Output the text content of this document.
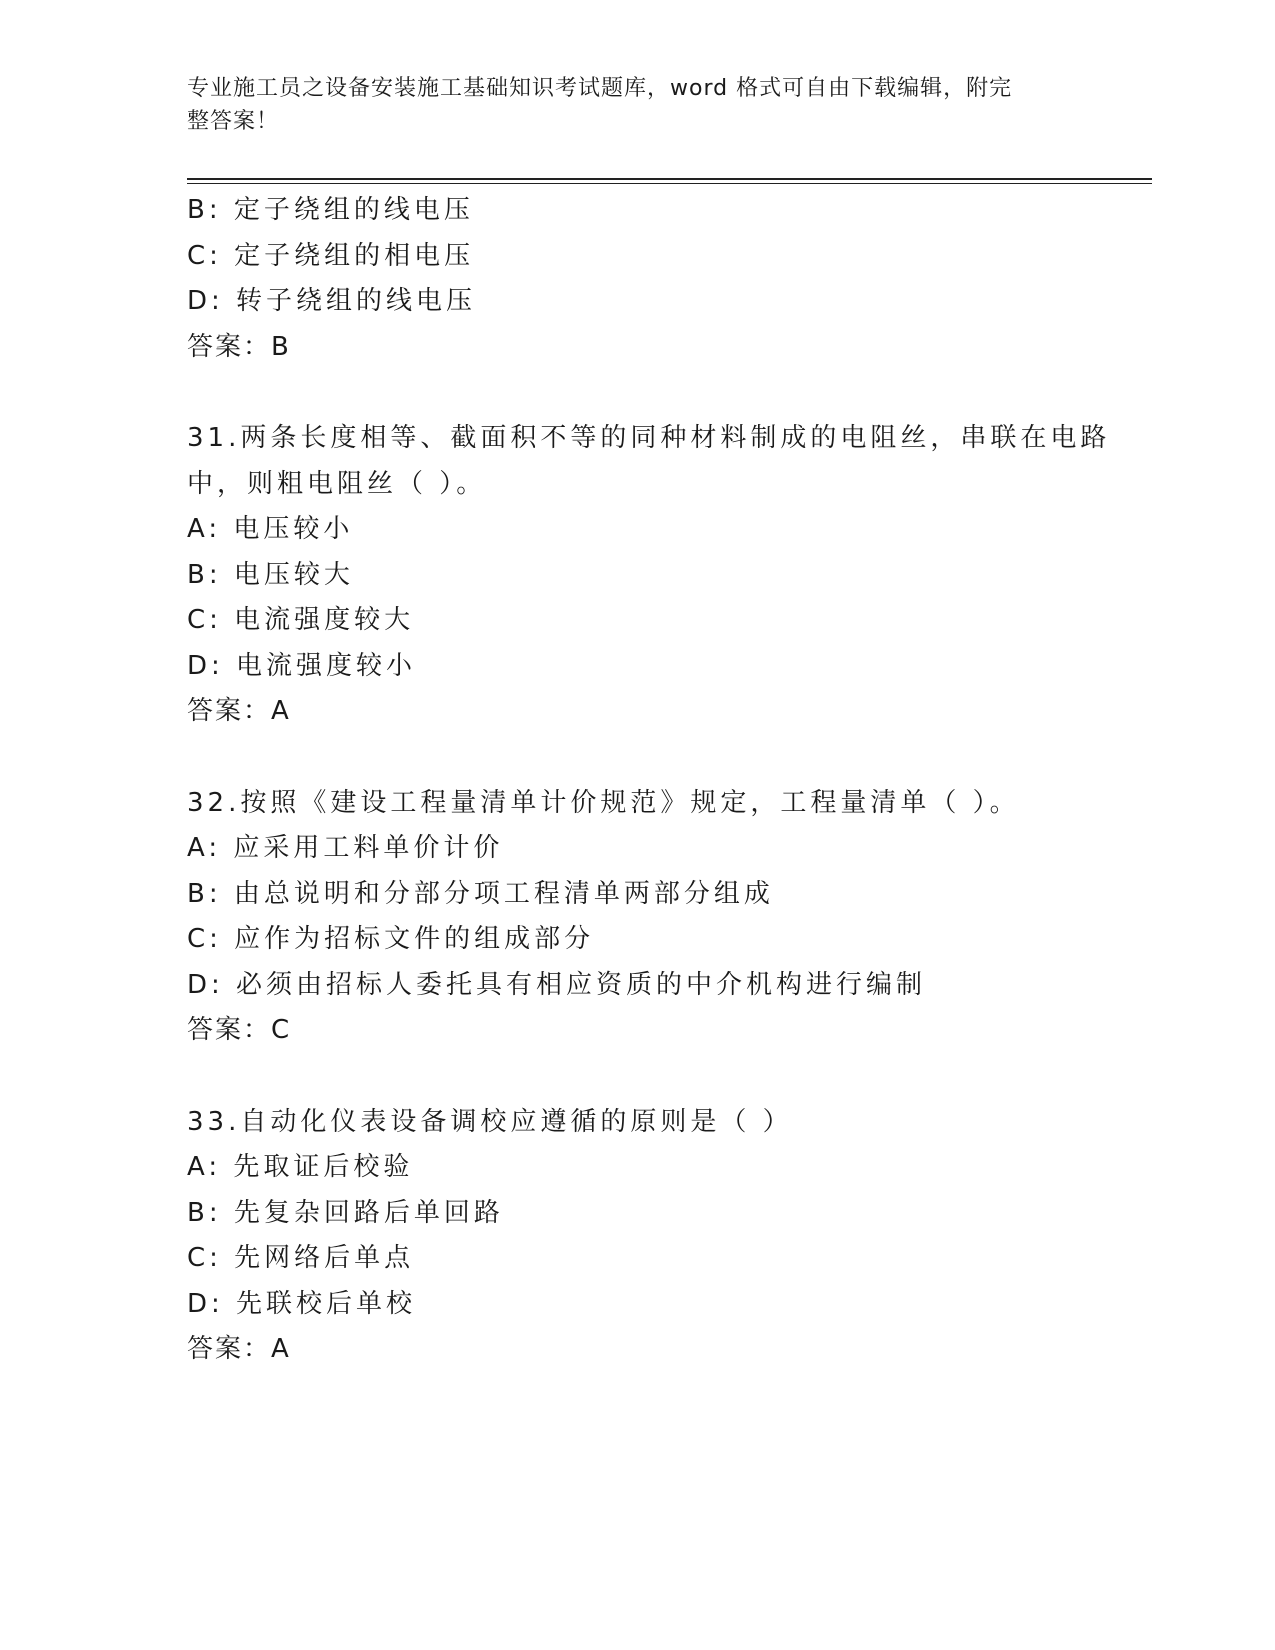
专业施工员之设备安装施工基础知识考试题库，word 格式可自由下载编辑，附完
整答案！
B: 定子绕组的线电压
C: 定子绕组的相电压
D: 转子绕组的线电压
答案：B
31.两条长度相等、截面积不等的同种材料制成的电阻丝，串联在电路
中，则粗电阻丝（ ）。
A: 电压较小
B: 电压较大
C: 电流强度较大
D: 电流强度较小
答案：A
32.按照《建设工程量清单计价规范》规定，工程量清单（ ）。
A: 应采用工料单价计价
B: 由总说明和分部分项工程清单两部分组成
C: 应作为招标文件的组成部分
D: 必须由招标人委托具有相应资质的中介机构进行编制
答案：C
33.自动化仪表设备调校应遵循的原则是（ ）
A: 先取证后校验
B: 先复杂回路后单回路
C: 先网络后单点
D: 先联校后单校
答案：A
